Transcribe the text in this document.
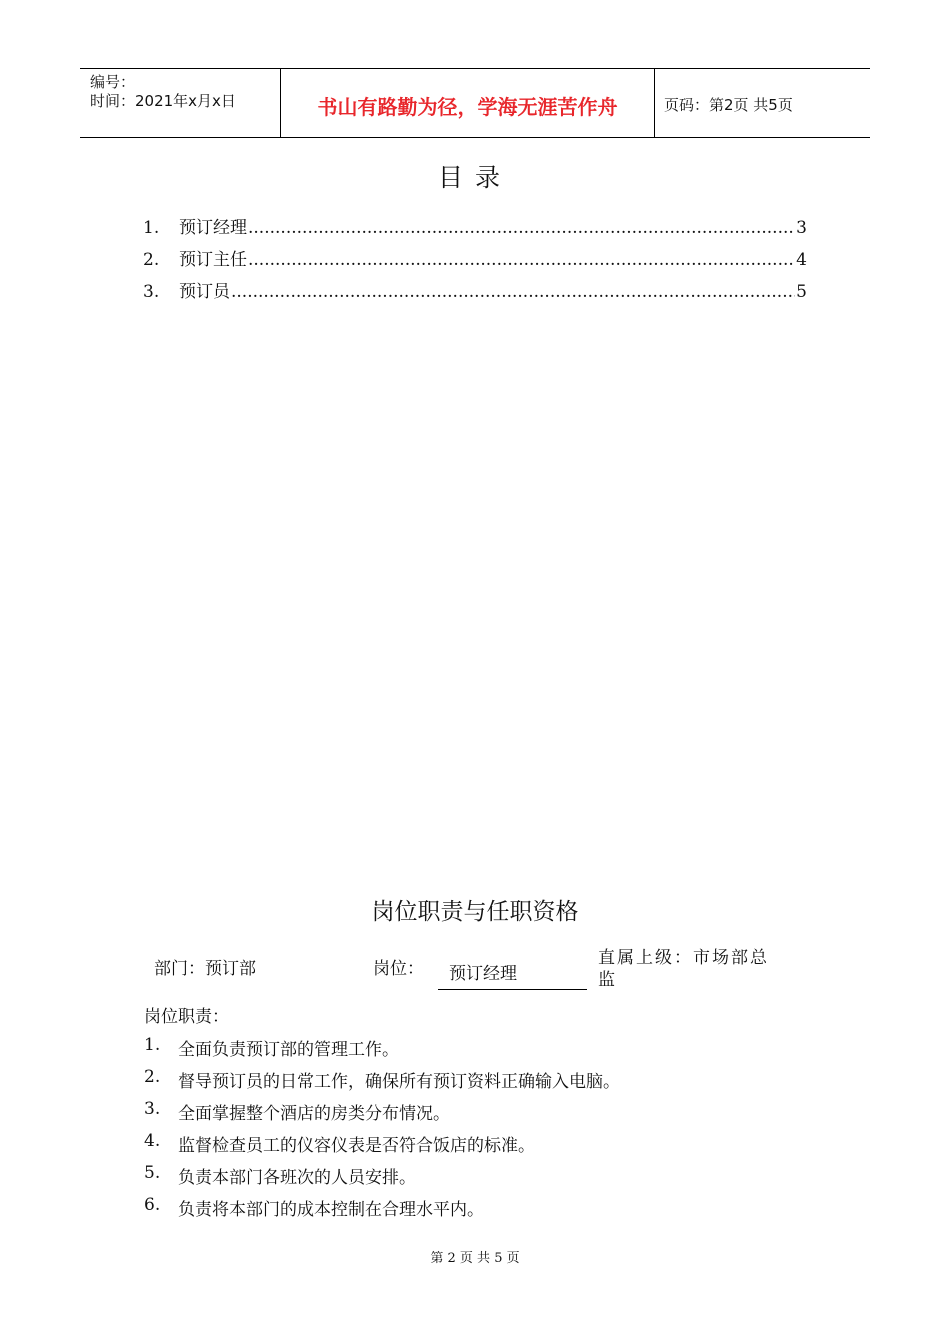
编号：
时间：2021年x月x日	书山有路勤为径，学海无涯苦作舟	页码：第2页 共5页
目录
1.	预订经理 .....	3
2.	预订主任 .....	4
3.	预订员 .....	5
岗位职责与任职资格
部门：预订部	岗位： 预订经理
直属上级：市场部总
监
岗位职责：
1.	全面负责预订部的管理工作。
2.	督导预订员的日常工作，确保所有预订资料正确输入电脑。
3.	全面掌握整个酒店的房类分布情况。
4.	监督检查员工的仪容仪表是否符合饭店的标准。
5.	负责本部门各班次的人员安排。
6.	负责将本部门的成本控制在合理水平内。
第 2 页 共 5 页
